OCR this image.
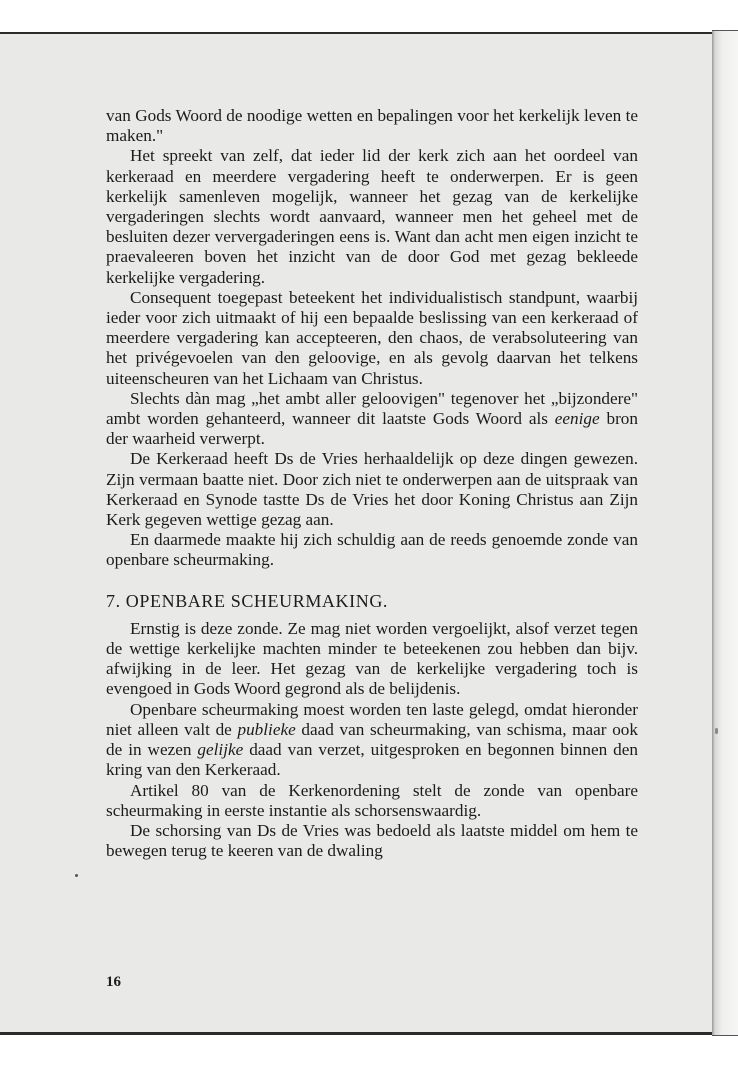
van Gods Woord de noodige wetten en bepalingen voor het kerkelijk leven te maken."

Het spreekt van zelf, dat ieder lid der kerk zich aan het oordeel van kerkeraad en meerdere vergadering heeft te onderwerpen. Er is geen kerkelijk samenleven mogelijk, wanneer het gezag van de kerkelijke vergaderingen slechts wordt aanvaard, wanneer men het geheel met de besluiten dezer ververgaderingen eens is. Want dan acht men eigen inzicht te praevaleeren boven het inzicht van de door God met gezag bekleede kerkelijke vergadering.

Consequent toegepast beteekent het individualistisch standpunt, waarbij ieder voor zich uitmaakt of hij een bepaalde beslissing van een kerkeraad of meerdere vergadering kan accepteeren, den chaos, de verabsoluteering van het privégevoelen van den geloovige, en als gevolg daarvan het telkens uiteenscheuren van het Lichaam van Christus.

Slechts dàn mag „het ambt aller geloovigen" tegenover het „bijzondere" ambt worden gehanteerd, wanneer dit laatste Gods Woord als eenige bron der waarheid verwerpt.

De Kerkeraad heeft Ds de Vries herhaaldelijk op deze dingen gewezen. Zijn vermaan baatte niet. Door zich niet te onderwerpen aan de uitspraak van Kerkeraad en Synode tastte Ds de Vries het door Koning Christus aan Zijn Kerk gegeven wettige gezag aan.

En daarmede maakte hij zich schuldig aan de reeds genoemde zonde van openbare scheurmaking.

7. OPENBARE SCHEURMAKING.

Ernstig is deze zonde. Ze mag niet worden vergoelijkt, alsof verzet tegen de wettige kerkelijke machten minder te beteekenen zou hebben dan bijv. afwijking in de leer. Het gezag van de kerkelijke vergadering toch is evengoed in Gods Woord gegrond als de belijdenis.

Openbare scheurmaking moest worden ten laste gelegd, omdat hieronder niet alleen valt de publieke daad van scheurmaking, van schisma, maar ook de in wezen gelijke daad van verzet, uitgesproken en begonnen binnen den kring van den Kerkeraad.

Artikel 80 van de Kerkenordening stelt de zonde van openbare scheurmaking in eerste instantie als schorsenswaardig.

De schorsing van Ds de Vries was bedoeld als laatste middel om hem te bewegen terug te keeren van de dwaling

16
